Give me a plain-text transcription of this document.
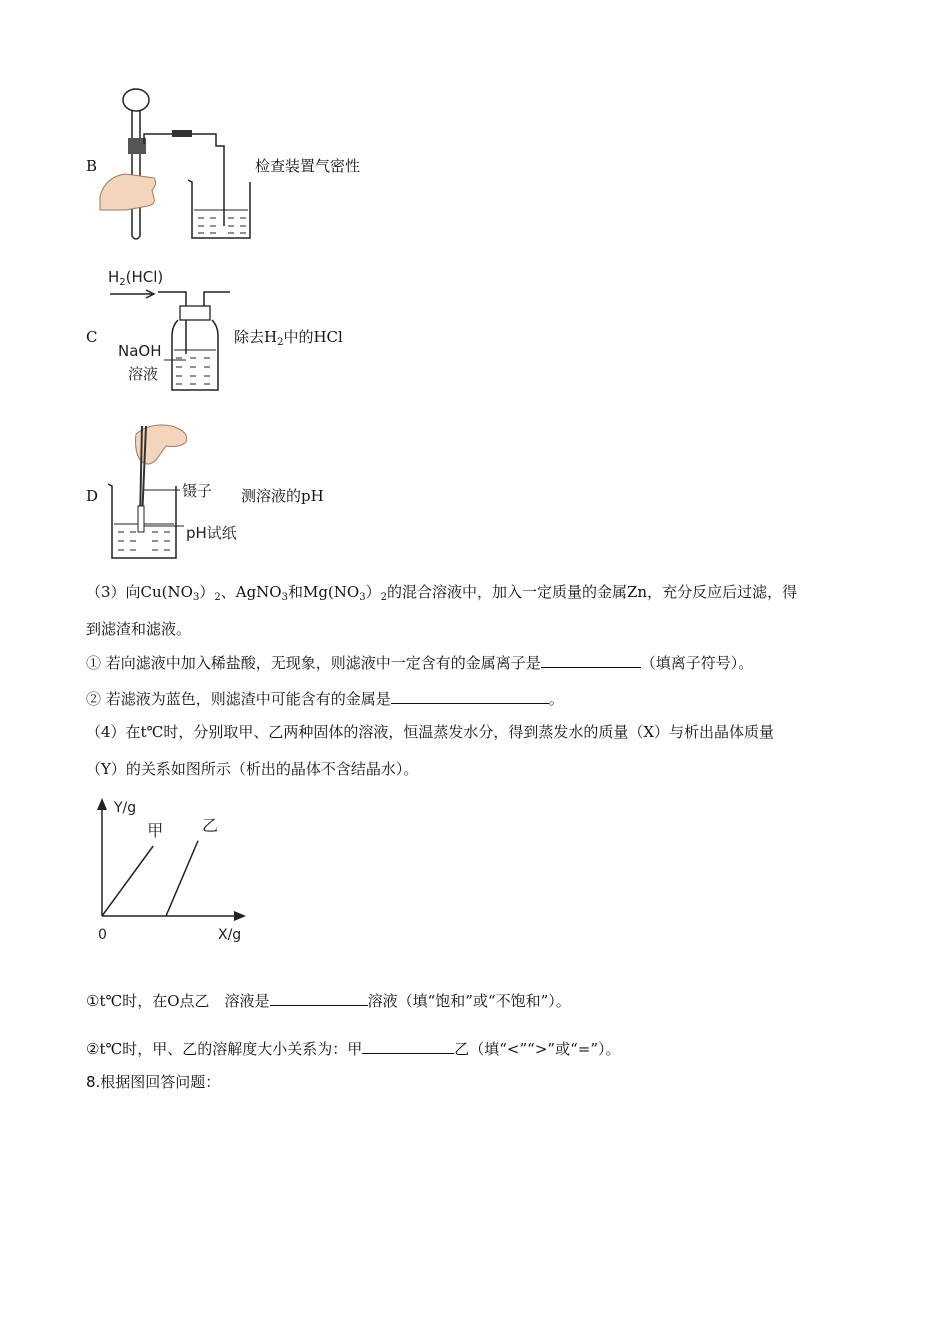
B	检查装置气密性
C
$H_2(HCl)$
NaOH
溶液
除去$H_2$中的HCl
D	镊子
pH试纸
测溶液的pH
（3）向$Cu(NO_3)_2$、AgNO$_3$和$Mg(NO_3)_2$的混合溶液中，加入一定质量的金属Zn，充分反应后过滤，得
到滤渣和滤液。
① 若向滤液中加入稀盐酸，无现象，则滤液中一定含有的金属离子是	（填离子符号）。
② 若滤液为蓝色，则滤渣中可能含有的金属是	。
（4）在t℃时，分别取甲、乙两种固体的溶液，恒温蒸发水分，得到蒸发水的质量（X）与析出晶体质量
（Y）的关系如图所示（析出的晶体不含结晶水）。
Y/g
X/g
0
甲 乙
①t℃时，在O点乙　溶液是	溶液（填“饱和”或“不饱和”）。
②t℃时，甲、乙的溶解度大小关系为：甲	乙（填“<”“>”或“=”）。
8.根据图回答问题：
